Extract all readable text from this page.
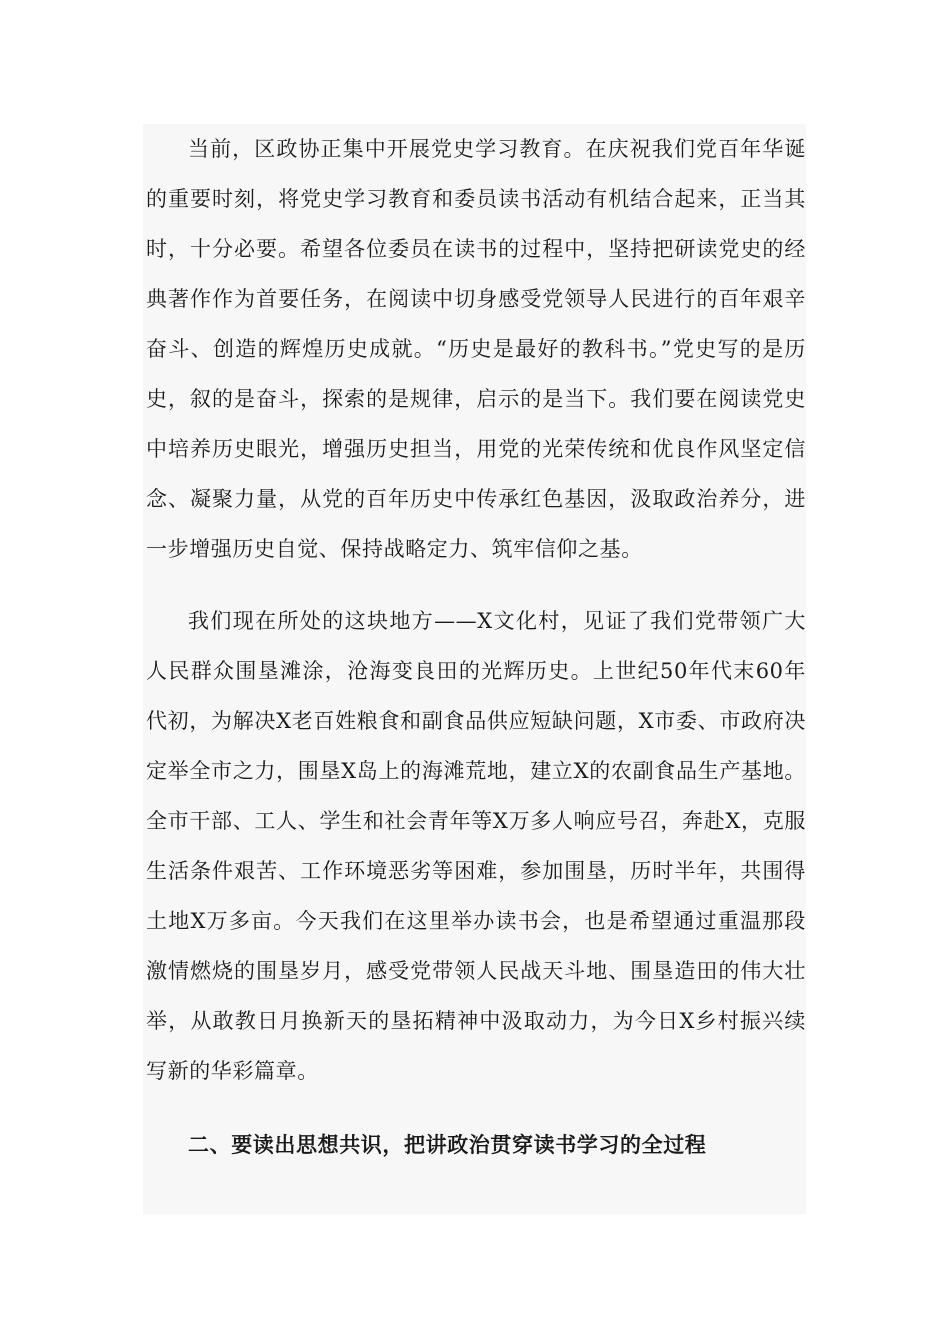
当前，区政协正集中开展党史学习教育。在庆祝我们党百年华诞的重要时刻，将党史学习教育和委员读书活动有机结合起来，正当其时，十分必要。希望各位委员在读书的过程中，坚持把研读党史的经典著作作为首要任务，在阅读中切身感受党领导人民进行的百年艰辛奋斗、创造的辉煌历史成就。“历史是最好的教科书。”党史写的是历史，叙的是奋斗，探索的是规律，启示的是当下。我们要在阅读党史中培养历史眼光，增强历史担当，用党的光荣传统和优良作风坚定信念、凝聚力量，从党的百年历史中传承红色基因，汲取政治养分，进一步增强历史自觉、保持战略定力、筑牢信仰之基。

我们现在所处的这块地方——X文化村，见证了我们党带领广大人民群众围垦滩涂，沧海变良田的光辉历史。上世纪50年代末60年代初，为解决X老百姓粮食和副食品供应短缺问题，X市委、市政府决定举全市之力，围垦X岛上的海滩荒地，建立X的农副食品生产基地。全市干部、工人、学生和社会青年等X万多人响应号召，奔赴X，克服生活条件艰苦、工作环境恶劣等困难，参加围垦，历时半年，共围得土地X万多亩。今天我们在这里举办读书会，也是希望通过重温那段激情燃烧的围垦岁月，感受党带领人民战天斗地、围垦造田的伟大壮举，从敢教日月换新天的垦拓精神中汲取动力，为今日X乡村振兴续写新的华彩篇章。

二、要读出思想共识，把讲政治贯穿读书学习的全过程
